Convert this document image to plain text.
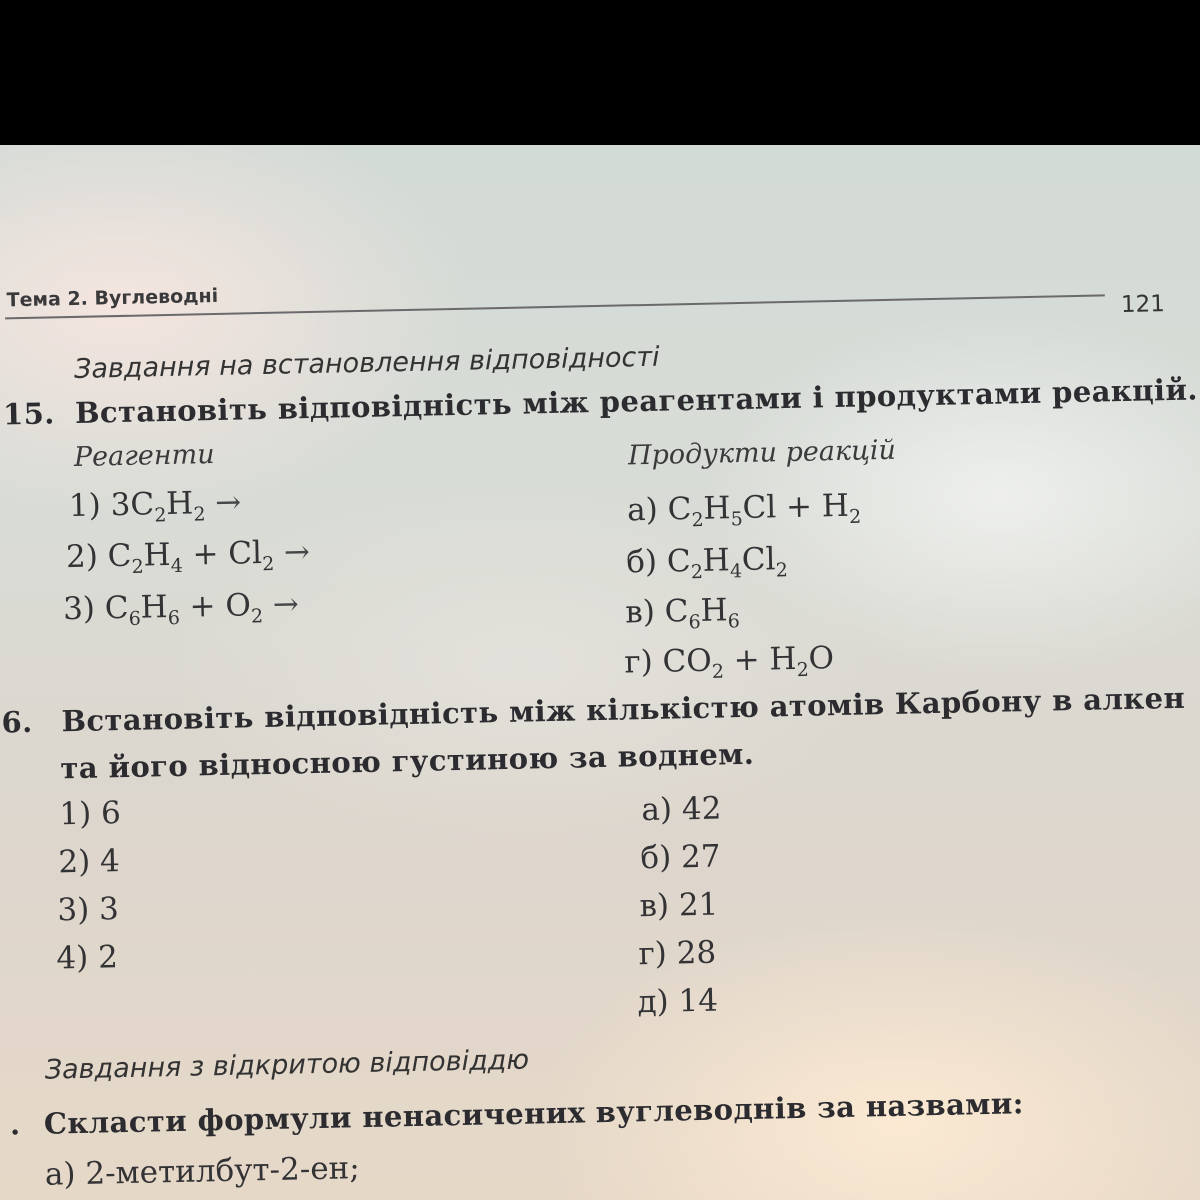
Тема 2. Вуглеводні	121
Завдання на встановлення відповідності
15. Встановіть відповідність між реагентами і продуктами реакцій.
Реагенти	Продукти реакцій
1) $3C_2H_2$ →
2) $C_2H_4 + Cl_2$ →
3) $C_6H_6 + O_2$ →
а) $C_2H_5Cl + H_2$
б) $C_2H_4Cl_2$
в) $C_6H_6$
г) $CO_2 + H_2O$
6. Встановіть відповідність між кількістю атомів Карбону в алкен
та його відносною густиною за воднем.
1) 6
2) 4
3) 3
4) 2
а) 42
б) 27
в) 21
г) 28
д) 14
Завдання з відкритою відповіддю
. Скласти формули ненасичених вуглеводнів за назвами:
а) 2-метилбут-2-ен;
